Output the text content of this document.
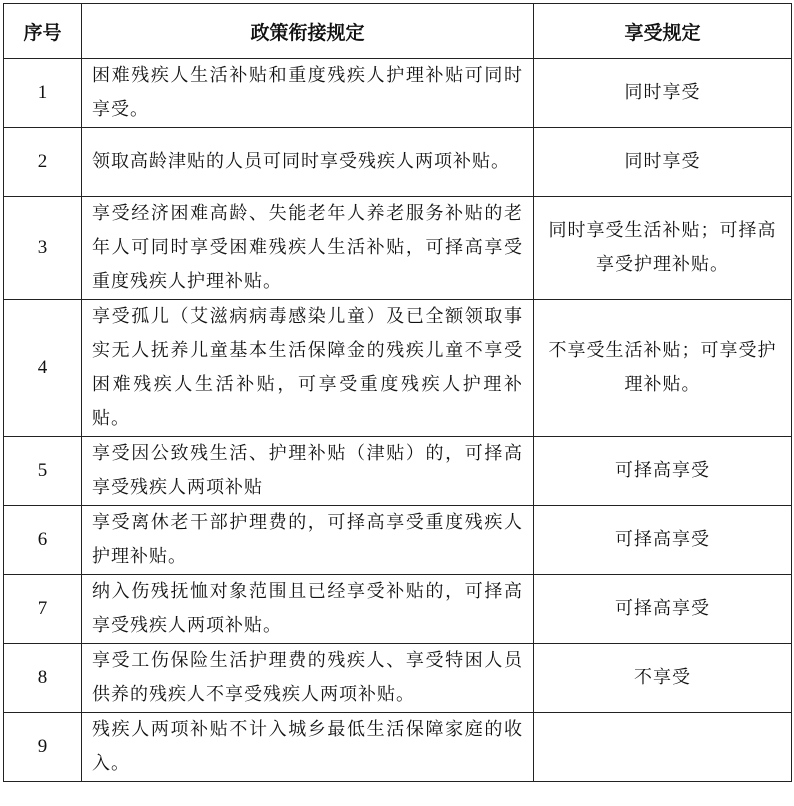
序号	政策衔接规定	享受规定
1	困难残疾人生活补贴和重度残疾人护理补贴可同时享受。	同时享受
2	领取高龄津贴的人员可同时享受残疾人两项补贴。	同时享受
3	享受经济困难高龄、失能老年人养老服务补贴的老年人可同时享受困难残疾人生活补贴，可择高享受重度残疾人护理补贴。	同时享受生活补贴；可择高享受护理补贴。
4	享受孤儿（艾滋病病毒感染儿童）及已全额领取事实无人抚养儿童基本生活保障金的残疾儿童不享受困难残疾人生活补贴，可享受重度残疾人护理补贴。	不享受生活补贴；可享受护理补贴。
5	享受因公致残生活、护理补贴（津贴）的，可择高享受残疾人两项补贴	可择高享受
6	享受离休老干部护理费的，可择高享受重度残疾人护理补贴。	可择高享受
7	纳入伤残抚恤对象范围且已经享受补贴的，可择高享受残疾人两项补贴。	可择高享受
8	享受工伤保险生活护理费的残疾人、享受特困人员供养的残疾人不享受残疾人两项补贴。	不享受
9	残疾人两项补贴不计入城乡最低生活保障家庭的收入。	
